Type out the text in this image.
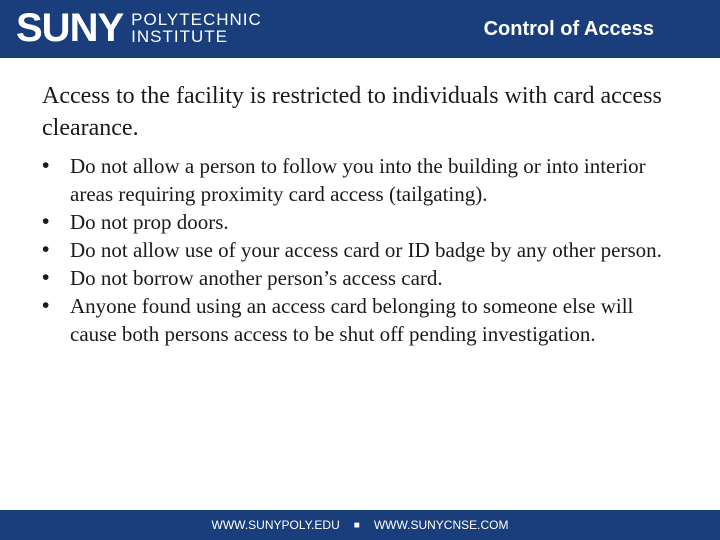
SUNY POLYTECHNIC
INSTITUTE	Control of Access
Access to the facility is restricted to individuals with card access clearance.
• Do not allow a person to follow you into the building or into interior areas requiring proximity card access (tailgating).
• Do not prop doors.
• Do not allow use of your access card or ID badge by any other person.
• Do not borrow another person’s access card.
• Anyone found using an access card belonging to someone else will cause both persons access to be shut off pending investigation.
WWW.SUNYPOLY.EDU ■ WWW.SUNYCNSE.COM
